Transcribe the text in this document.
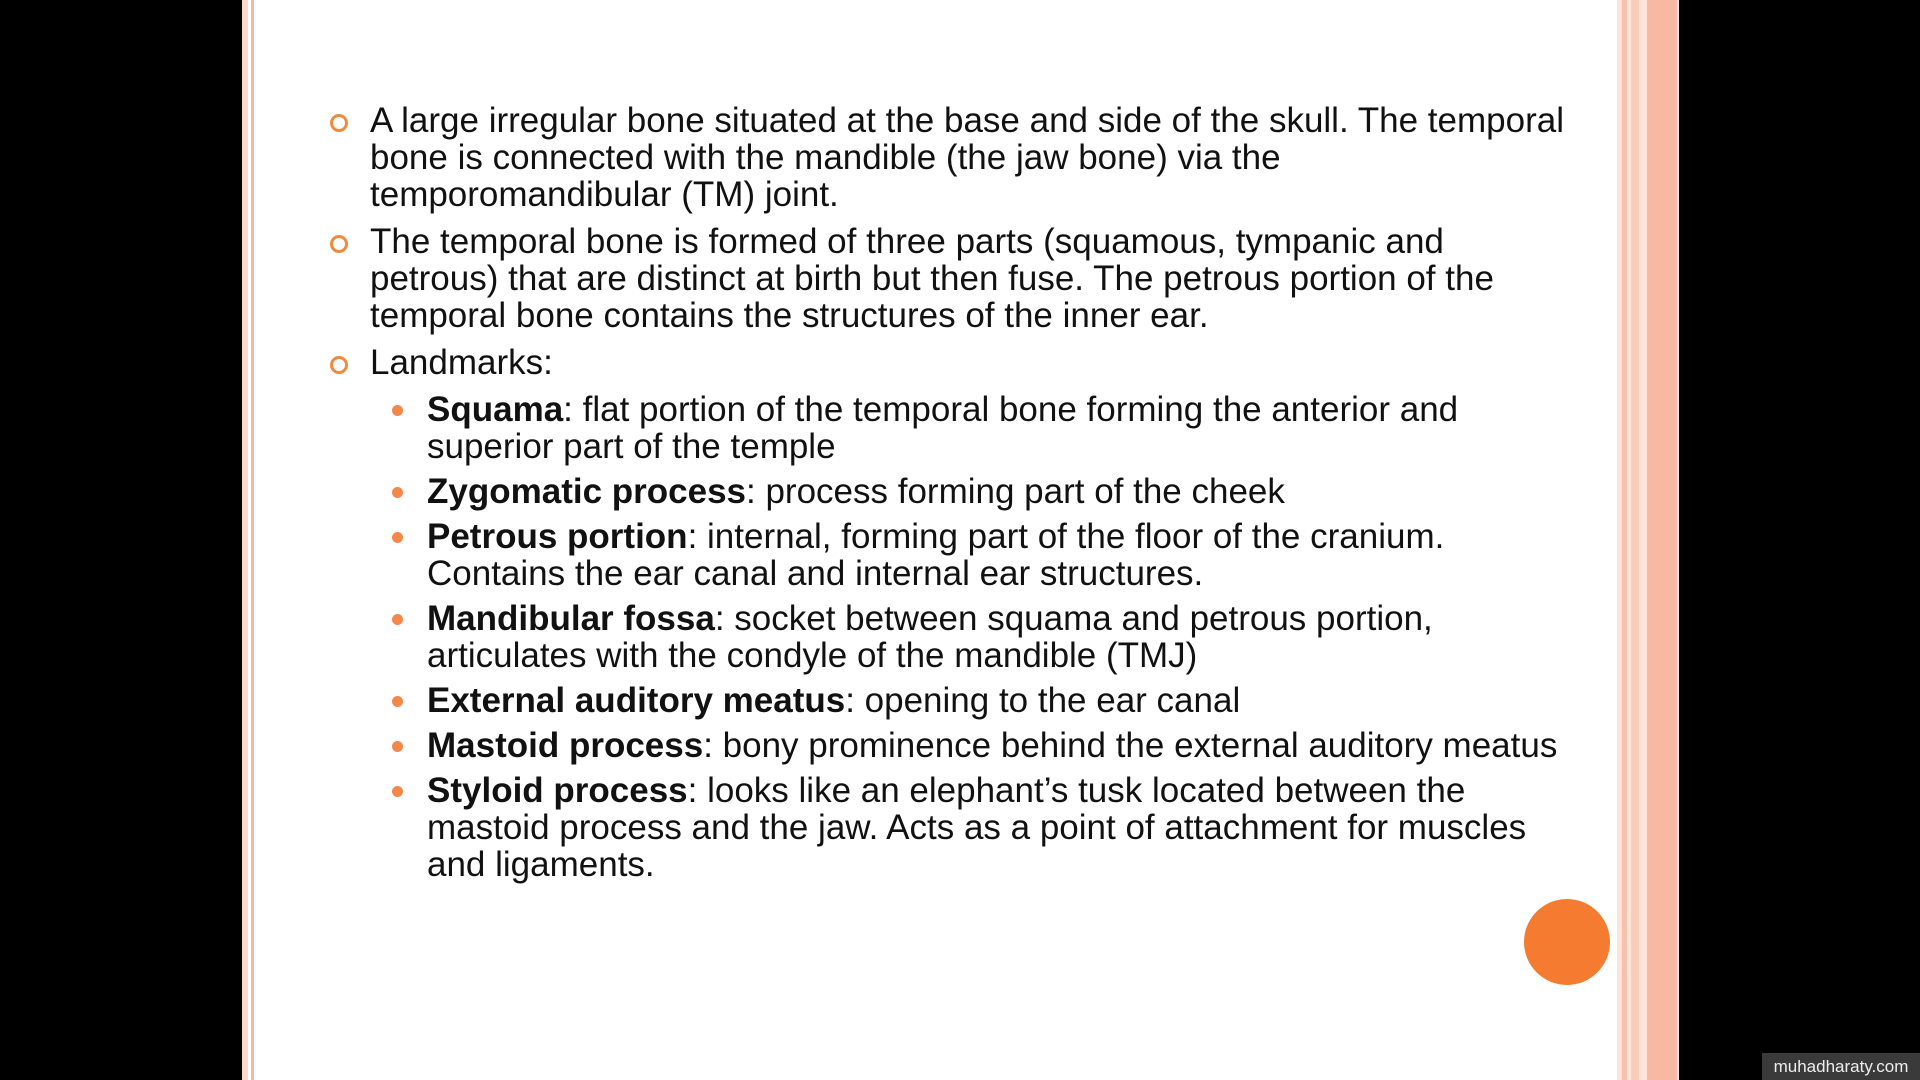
A large irregular bone situated at the base and side of the skull. The temporal bone is connected with the mandible (the jaw bone) via the temporomandibular (TM) joint.
The temporal bone is formed of three parts (squamous, tympanic and petrous) that are distinct at birth but then fuse. The petrous portion of the temporal bone contains the structures of the inner ear.
Landmarks:
Squama: flat portion of the temporal bone forming the anterior and superior part of the temple
Zygomatic process: process forming part of the cheek
Petrous portion: internal, forming part of the floor of the cranium. Contains the ear canal and internal ear structures.
Mandibular fossa: socket between squama and petrous portion, articulates with the condyle of the mandible (TMJ)
External auditory meatus: opening to the ear canal
Mastoid process: bony prominence behind the external auditory meatus
Styloid process: looks like an elephant’s tusk located between the mastoid process and the jaw. Acts as a point of attachment for muscles and ligaments.
muhadharaty.com
